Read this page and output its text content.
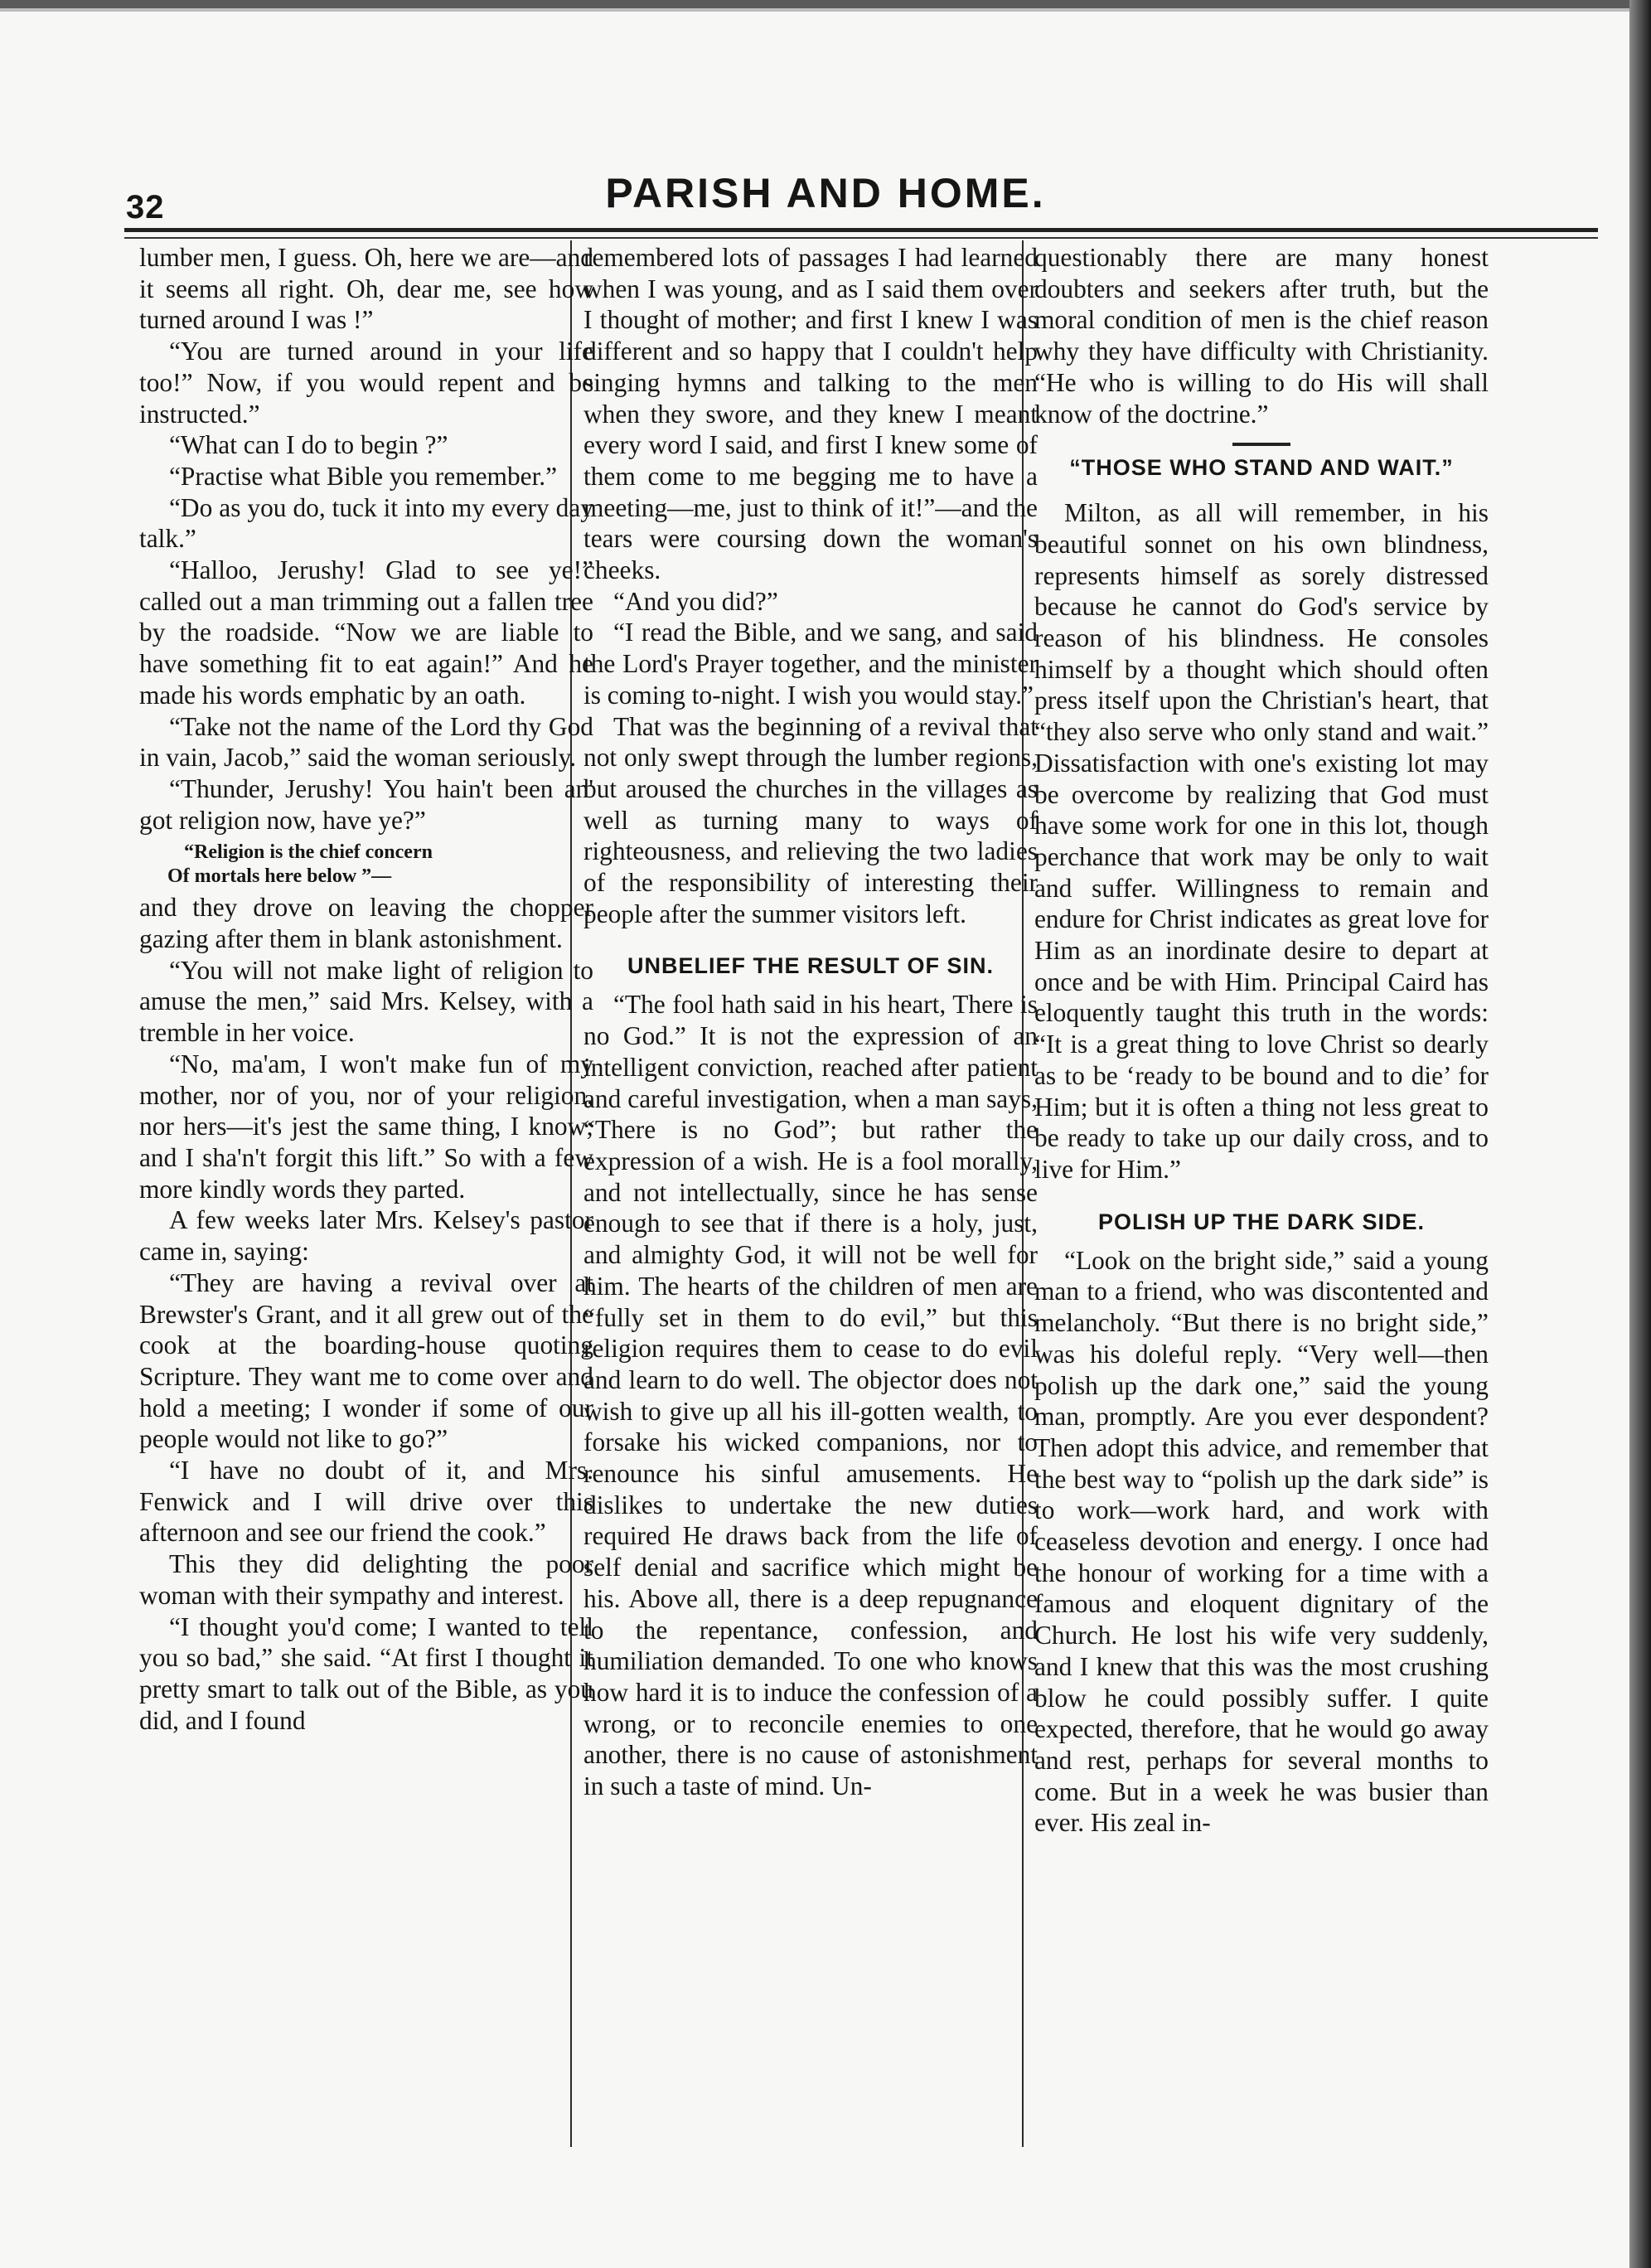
32	PARISH AND HOME.

lumber men, I guess. Oh, here we are—and it seems all right. Oh, dear me, see how turned around I was !”

“You are turned around in your life too!” Now, if you would repent and be instructed.”

“What can I do to begin ?”

“Practise what Bible you remember.”

“Do as you do, tuck it into my every day talk.”

“Halloo, Jerushy! Glad to see ye!” called out a man trimming out a fallen tree by the roadside. “Now we are liable to have something fit to eat again!” And he made his words emphatic by an oath.

“Take not the name of the Lord thy God in vain, Jacob,” said the woman seriously.

“Thunder, Jerushy! You hain't been an' got religion now, have ye?”

“Religion is the chief concern
Of mortals here below ”—

and they drove on leaving the chopper gazing after them in blank astonishment.

“You will not make light of religion to amuse the men,” said Mrs. Kelsey, with a tremble in her voice.

“No, ma'am, I won't make fun of my mother, nor of you, nor of your religion, nor hers—it's jest the same thing, I know; and I sha'n't forgit this lift.” So with a few more kindly words they parted.

A few weeks later Mrs. Kelsey's pastor came in, saying:

“They are having a revival over at Brewster's Grant, and it all grew out of the cook at the boarding-house quoting Scripture. They want me to come over and hold a meeting; I wonder if some of our people would not like to go?”

“I have no doubt of it, and Mrs. Fenwick and I will drive over this afternoon and see our friend the cook.”

This they did delighting the poor woman with their sympathy and interest.

“I thought you'd come; I wanted to tell you so bad,” she said. “At first I thought it pretty smart to talk out of the Bible, as you did, and I found

remembered lots of passages I had learned when I was young, and as I said them over I thought of mother; and first I knew I was different and so happy that I couldn't help singing hymns and talking to the men when they swore, and they knew I meant every word I said, and first I knew some of them come to me begging me to have a meeting—me, just to think of it!”—and the tears were coursing down the woman's cheeks.

“And you did?”

“I read the Bible, and we sang, and said the Lord's Prayer together, and the minister is coming to-night. I wish you would stay.”

That was the beginning of a revival that not only swept through the lumber regions, but aroused the churches in the villages as well as turning many to ways of righteousness, and relieving the two ladies of the responsibility of interesting their people after the summer visitors left.

UNBELIEF THE RESULT OF SIN.

“The fool hath said in his heart, There is no God.” It is not the expression of an intelligent conviction, reached after patient and careful investigation, when a man says, “There is no God”; but rather the expression of a wish. He is a fool morally, and not intellectually, since he has sense enough to see that if there is a holy, just, and almighty God, it will not be well for him. The hearts of the children of men are “fully set in them to do evil,” but this religion requires them to cease to do evil and learn to do well. The objector does not wish to give up all his ill-gotten wealth, to forsake his wicked companions, nor to renounce his sinful amusements. He dislikes to undertake the new duties required He draws back from the life of self denial and sacrifice which might be his. Above all, there is a deep repugnance to the repentance, confession, and humiliation demanded. To one who knows how hard it is to induce the confession of a wrong, or to reconcile enemies to one another, there is no cause of astonishment in such a taste of mind. Un-

questionably there are many honest doubters and seekers after truth, but the moral condition of men is the chief reason why they have difficulty with Christianity. “He who is willing to do His will shall know of the doctrine.”

“THOSE WHO STAND AND WAIT.”

Milton, as all will remember, in his beautiful sonnet on his own blindness, represents himself as sorely distressed because he cannot do God's service by reason of his blindness. He consoles himself by a thought which should often press itself upon the Christian's heart, that “they also serve who only stand and wait.” Dissatisfaction with one's existing lot may be overcome by realizing that God must have some work for one in this lot, though perchance that work may be only to wait and suffer. Willingness to remain and endure for Christ indicates as great love for Him as an inordinate desire to depart at once and be with Him. Principal Caird has eloquently taught this truth in the words: “It is a great thing to love Christ so dearly as to be ‘ready to be bound and to die’ for Him; but it is often a thing not less great to be ready to take up our daily cross, and to live for Him.”

POLISH UP THE DARK SIDE.

“Look on the bright side,” said a young man to a friend, who was discontented and melancholy. “But there is no bright side,” was his doleful reply. “Very well—then polish up the dark one,” said the young man, promptly. Are you ever despondent? Then adopt this advice, and remember that the best way to “polish up the dark side” is to work—work hard, and work with ceaseless devotion and energy. I once had the honour of working for a time with a famous and eloquent dignitary of the Church. He lost his wife very suddenly, and I knew that this was the most crushing blow he could possibly suffer. I quite expected, therefore, that he would go away and rest, perhaps for several months to come. But in a week he was busier than ever. His zeal in-
